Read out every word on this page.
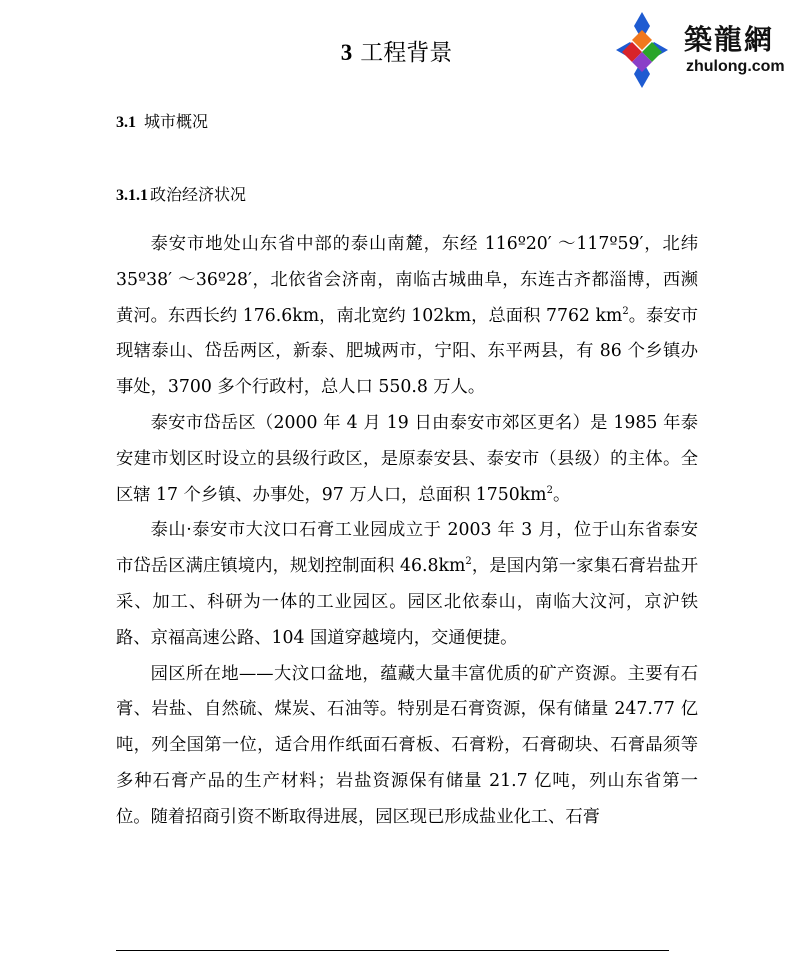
3 工程背景	築龍網
zhulong.com
3.1 城市概况
3.1.1 政治经济状况

泰安市地处山东省中部的泰山南麓，东经 116º20′ ～117º59′，北纬 35º38′ ～36º28′，北依省会济南，南临古城曲阜，东连古齐都淄博，西濒黄河。东西长约 176.6km，南北宽约 102km，总面积 7762 $km^2$。泰安市现辖泰山、岱岳两区，新泰、肥城两市，宁阳、东平两县，有 86 个乡镇办事处，3700 多个行政村，总人口 550.8 万人。

泰安市岱岳区（2000 年 4 月 19 日由泰安市郊区更名）是 1985 年泰安建市划区时设立的县级行政区，是原泰安县、泰安市（县级）的主体。全区辖 17 个乡镇、办事处，97 万人口，总面积 $1750km^2$。

泰山·泰安市大汶口石膏工业园成立于 2003 年 3 月，位于山东省泰安市岱岳区满庄镇境内，规划控制面积 $46.8km^2$，是国内第一家集石膏岩盐开采、加工、科研为一体的工业园区。园区北依泰山，南临大汶河，京沪铁路、京福高速公路、104 国道穿越境内，交通便捷。

园区所在地——大汶口盆地，蕴藏大量丰富优质的矿产资源。主要有石膏、岩盐、自然硫、煤炭、石油等。特别是石膏资源，保有储量 247.77 亿吨，列全国第一位，适合用作纸面石膏板、石膏粉，石膏砌块、石膏晶须等多种石膏产品的生产材料；岩盐资源保有储量 21.7 亿吨，列山东省第一位。随着招商引资不断取得进展，园区现已形成盐业化工、石膏
